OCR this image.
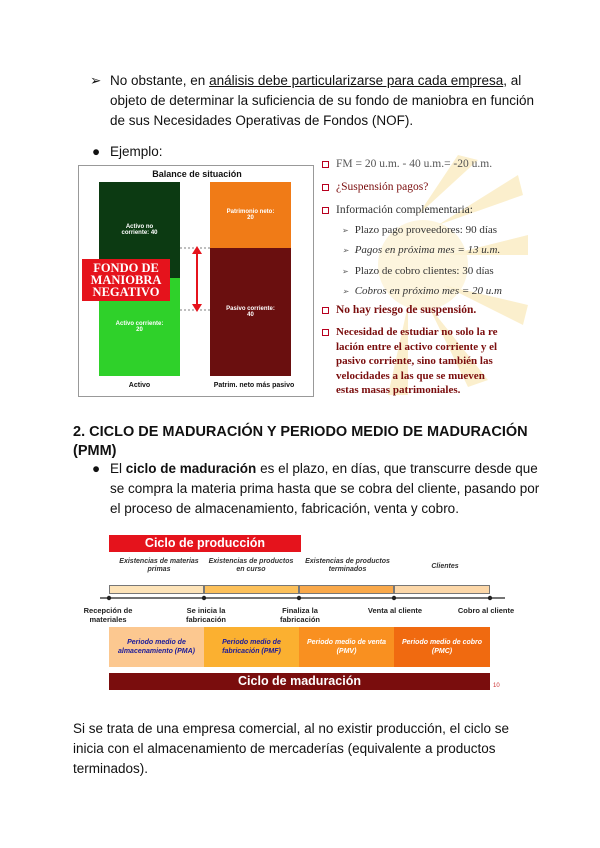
➢ No obstante, en análisis debe particularizarse para cada empresa, al
objeto de determinar la suficiencia de su fondo de maniobra en función
de sus Necesidades Operativas de Fondos (NOF).
● Ejemplo:
Balance de situación
Activo no corriente: 40
Activo corriente: 20
Patrimonio neto: 20
Pasivo corriente: 40
FONDO DE
MANIOBRA
NEGATIVO
Activo	Patrim. neto más pasivo
FM = 20 u.m. - 40 u.m.= -20 u.m.
¿Suspensión pagos?
Información complementaria:
➢ Plazo pago proveedores: 90 días
➢ Pagos en próxima mes = 13 u.m.
➢ Plazo de cobro clientes: 30 días
➢ Cobros en próximo mes = 20 u.m
No hay riesgo de suspensión.
Necesidad de estudiar no solo la re
lación entre el activo corriente y el
pasivo corriente, sino también las
velocidades a las que se mueven
estas masas patrimoniales.
2. CICLO DE MADURACIÓN Y PERIODO MEDIO DE MADURACIÓN
(PMM)
● El ciclo de maduración es el plazo, en días, que transcurre desde que
se compra la materia prima hasta que se cobra del cliente, pasando por
el proceso de almacenamiento, fabricación, venta y cobro.
Ciclo de producción
Existencias de materias primas
Existencias de productos en curso
Existencias de productos terminados	Clientes
Recepción de materiales
Se inicia la fabricación
Finaliza la fabricación
Venta al cliente	Cobro al cliente
Periodo medio de almacenamiento (PMA)
Periodo medio de fabricación (PMF)
Periodo medio de venta (PMV)
Periodo medio de cobro (PMC)
Ciclo de maduración	10
Si se trata de una empresa comercial, al no existir producción, el ciclo se
inicia con el almacenamiento de mercaderías (equivalente a productos
terminados).
